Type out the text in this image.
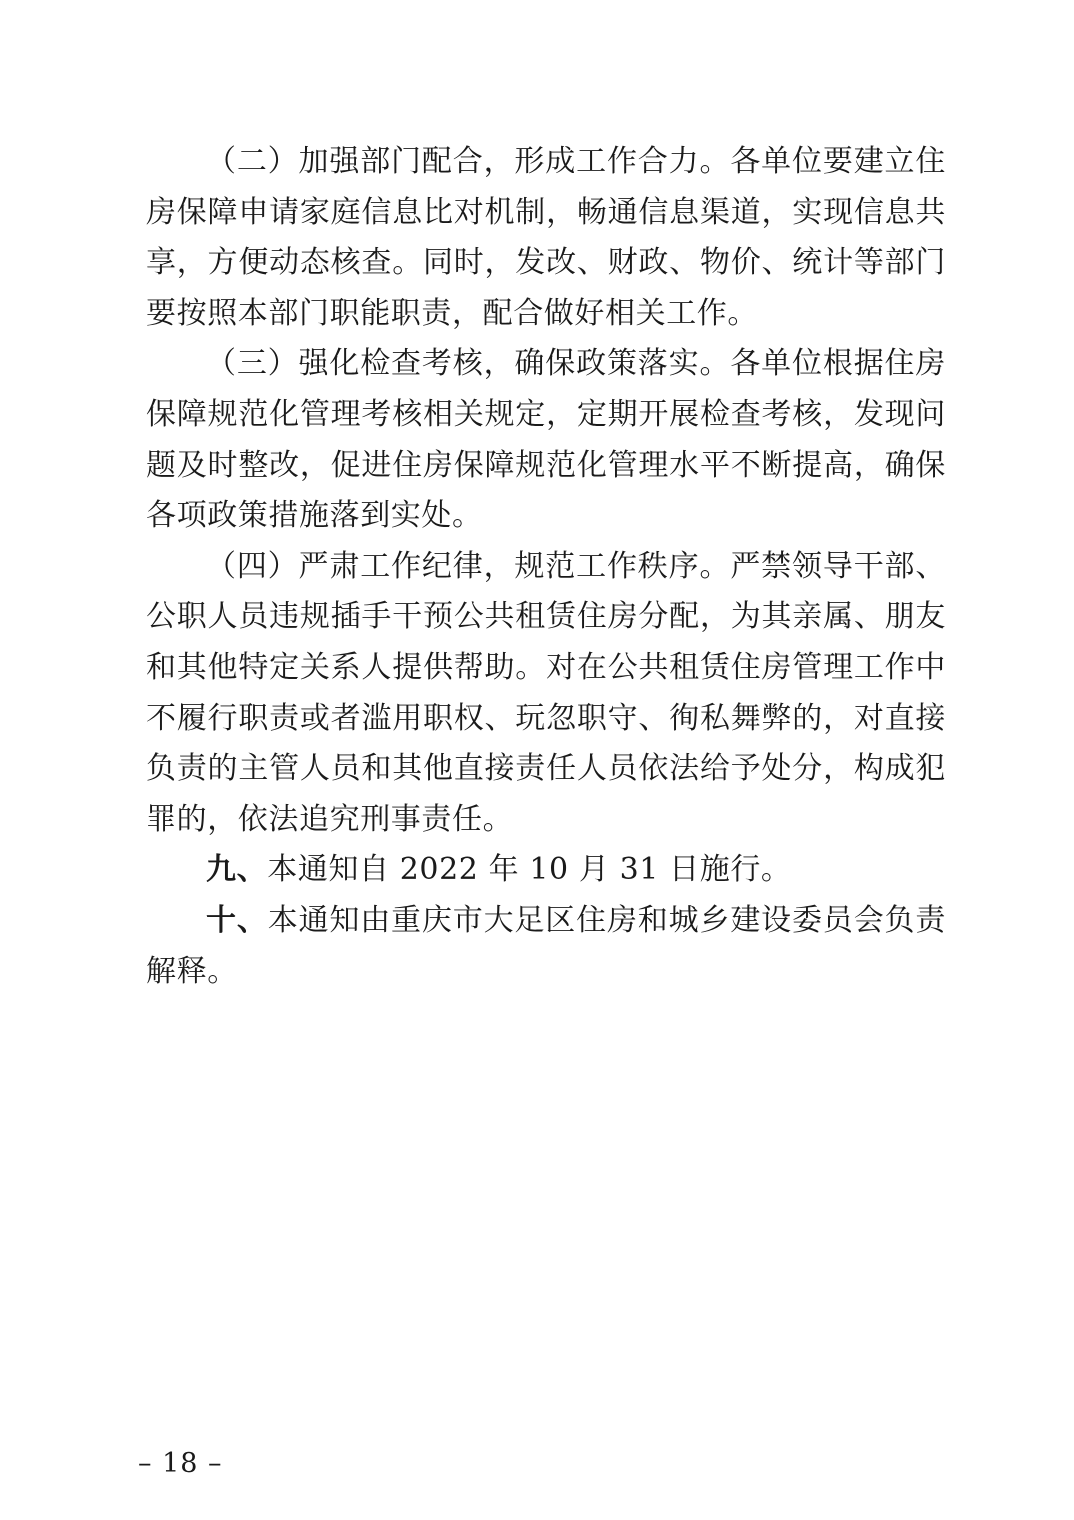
（二）加强部门配合，形成工作合力。各单位要建立住房保障申请家庭信息比对机制，畅通信息渠道，实现信息共享，方便动态核查。同时，发改、财政、物价、统计等部门要按照本部门职能职责，配合做好相关工作。

（三）强化检查考核，确保政策落实。各单位根据住房保障规范化管理考核相关规定，定期开展检查考核，发现问题及时整改，促进住房保障规范化管理水平不断提高，确保各项政策措施落到实处。

（四）严肃工作纪律，规范工作秩序。严禁领导干部、公职人员违规插手干预公共租赁住房分配，为其亲属、朋友和其他特定关系人提供帮助。对在公共租赁住房管理工作中不履行职责或者滥用职权、玩忽职守、徇私舞弊的，对直接负责的主管人员和其他直接责任人员依法给予处分，构成犯罪的，依法追究刑事责任。

九、本通知自 2022 年 10 月 31 日施行。

十、本通知由重庆市大足区住房和城乡建设委员会负责解释。

– 18 –
